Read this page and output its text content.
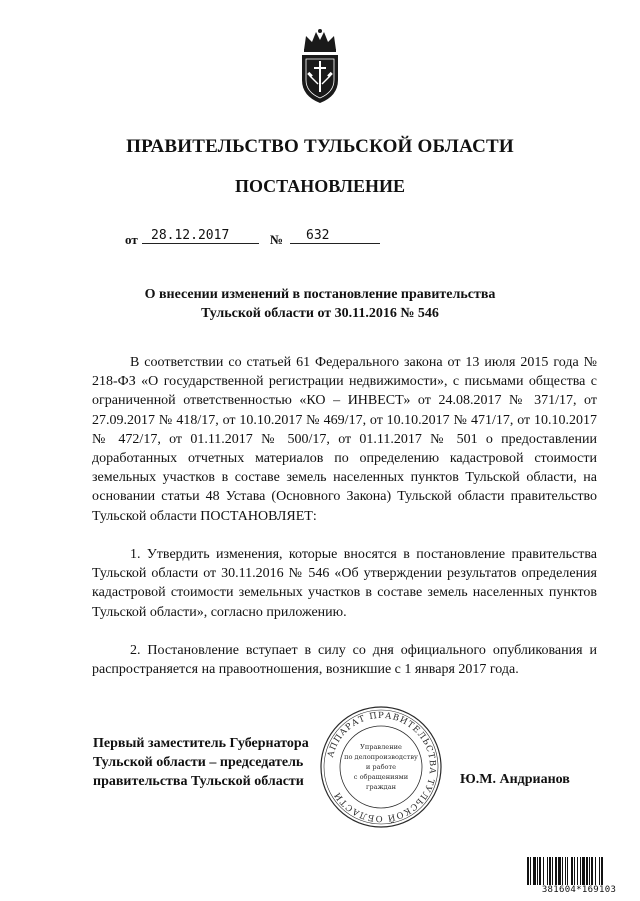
ПРАВИТЕЛЬСТВО ТУЛЬСКОЙ ОБЛАСТИ
ПОСТАНОВЛЕНИЕ
от	28.12.2017	№	632
О внесении изменений в постановление правительства
Тульской области от 30.11.2016 № 546
В соответствии со статьей 61 Федерального закона от 13 июля 2015 года № 218-ФЗ «О государственной регистрации недвижимости», с письмами общества с ограниченной ответственностью «КО – ИНВЕСТ» от 24.08.2017 № 371/17, от 27.09.2017 № 418/17, от 10.10.2017 № 469/17, от 10.10.2017 № 471/17, от 10.10.2017 № 472/17, от 01.11.2017 № 500/17, от 01.11.2017 № 501 о предоставлении доработанных отчетных материалов по определению кадастровой стоимости земельных участков в составе земель населенных пунктов Тульской области, на основании статьи 48 Устава (Основного Закона) Тульской области правительство Тульской области ПОСТАНОВЛЯЕТ:
1. Утвердить изменения, которые вносятся в постановление правительства Тульской области от 30.11.2016 № 546 «Об утверждении результатов определения кадастровой стоимости земельных участков в составе земель населенных пунктов Тульской области», согласно приложению.
2. Постановление вступает в силу со дня официального опубликования и распространяется на правоотношения, возникшие с 1 января 2017 года.
Первый заместитель Губернатора
Тульской области – председатель
правительства Тульской области	Ю.М. Андрианов
АППАРАТ ПРАВИТЕЛЬСТВА ТУЛЬСКОЙ ОБЛАСТИ
Управление
по делопроизводству
и работе
с обращениями
граждан
381604*169103
